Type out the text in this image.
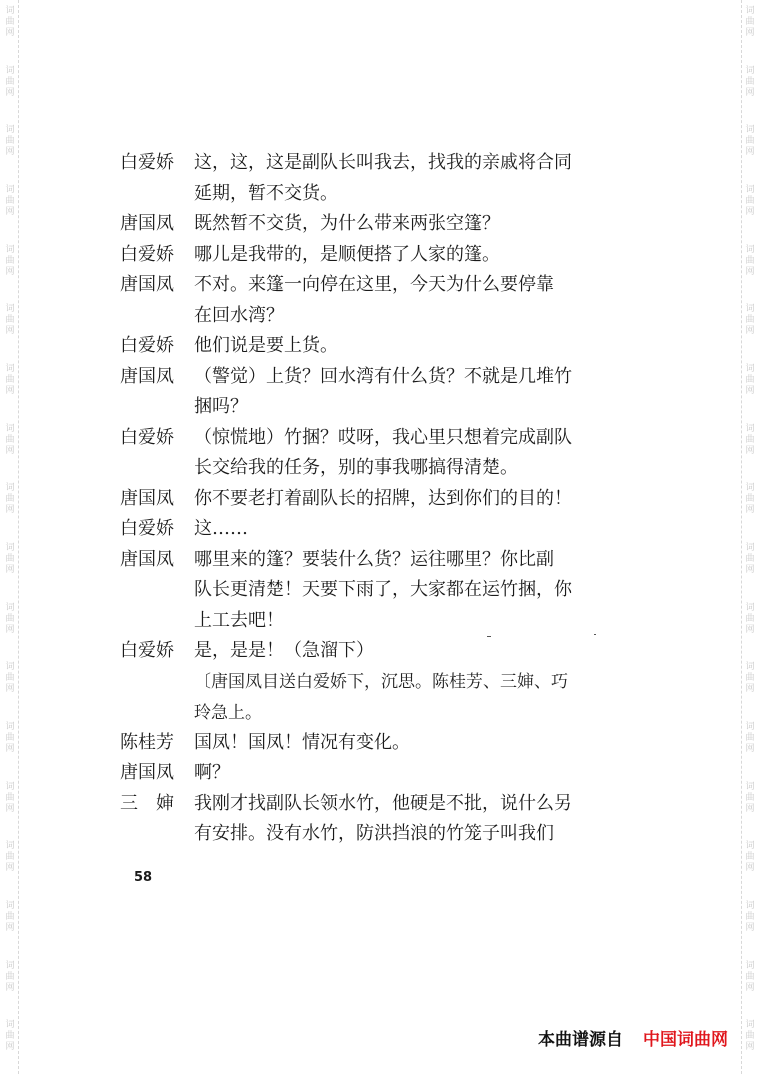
词
曲
网
词
曲
网
词
曲
网
词
曲
网
词
曲
网
词
曲
网
词
曲
网
词
曲
网
词
曲
网
词
曲
网
词
曲
网
词
曲
网
词
曲
网
词
曲
网
词
曲
网
词
曲
网
词
曲
网
词
曲
网
词
曲
网
词
曲
网
词
曲
网
词
曲
网
词
曲
网
词
曲
网
词
曲
网
词
曲
网
词
曲
网
词
曲
网
词
曲
网
词
曲
网
词
曲
网
词
曲
网
词
曲
网
词
曲
网
词
曲
网
词
曲
网
白爱娇	这，这，这是副队长叫我去，找我的亲戚将合同
延期，暂不交货。
唐国凤	既然暂不交货，为什么带来两张空篷？
白爱娇	哪儿是我带的，是顺便搭了人家的篷。
唐国凤	不对。来篷一向停在这里，今天为什么要停靠
在回水湾？
白爱娇	他们说是要上货。
唐国凤	（警觉）上货？回水湾有什么货？不就是几堆竹
捆吗？
白爱娇	（惊慌地）竹捆？哎呀，我心里只想着完成副队
长交给我的任务，别的事我哪搞得清楚。
唐国凤	你不要老打着副队长的招牌，达到你们的目的！
白爱娇	这……
唐国凤	哪里来的篷？要装什么货？运往哪里？你比副
队长更清楚！天要下雨了，大家都在运竹捆，你
上工去吧！
白爱娇	是，是是！（急溜下）
〔唐国凤目送白爱娇下，沉思。陈桂芳、三婶、巧
玲急上。
陈桂芳	国凤！国凤！情况有变化。
唐国凤	啊？
三　婶	我刚才找副队长领水竹，他硬是不批，说什么另
有安排。没有水竹，防洪挡浪的竹笼子叫我们
58
本曲谱源自 中国词曲网
